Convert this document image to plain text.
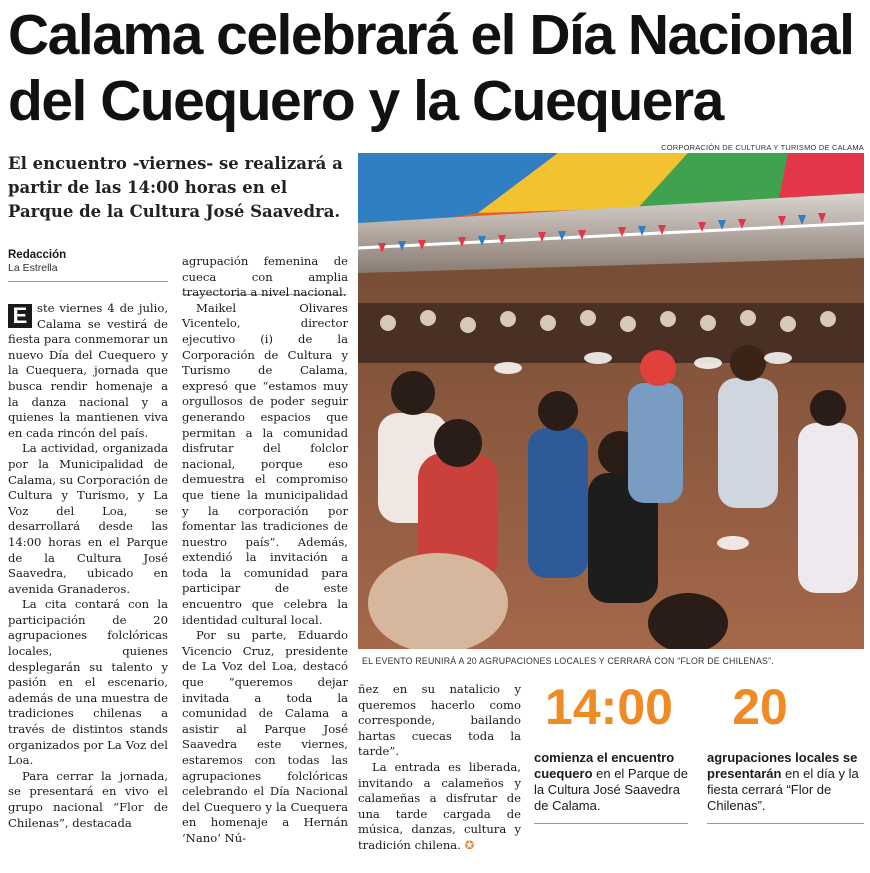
Calama celebrará el Día Nacional
del Cuequero y la Cuequera
CORPORACIÓN DE CULTURA Y TURISMO DE CALAMA
El encuentro -viernes- se realizará a partir de las 14:00 horas en el Parque de la Cultura José Saavedra.
Redacción
La Estrella

E ste viernes 4 de julio, Calama se vestirá de fiesta para conmemorar un nuevo Día del Cuequero y la Cuequera, jornada que busca rendir homenaje a la danza nacional y a quienes la mantienen viva en cada rincón del país.

La actividad, organizada por la Municipalidad de Calama, su Corporación de Cultura y Turismo, y La Voz del Loa, se desarrollará desde las 14:00 horas en el Parque de la Cultura José Saavedra, ubicado en avenida Granaderos.

La cita contará con la participación de 20 agrupaciones folclóricas locales, quienes desplegarán su talento y pasión en el escenario, además de una muestra de tradiciones chilenas a través de distintos stands organizados por La Voz del Loa.

Para cerrar la jornada, se presentará en vivo el grupo nacional “Flor de Chilenas”, destacada

agrupación femenina de cueca con amplia trayectoria a nivel nacional.

Maikel Olivares Vicentelo, director ejecutivo (i) de la Corporación de Cultura y Turismo de Calama, expresó que “estamos muy orgullosos de poder seguir generando espacios que permitan a la comunidad disfrutar del folclor nacional, porque eso demuestra el compromiso que tiene la municipalidad y la corporación por fomentar las tradiciones de nuestro país”. Además, extendió la invitación a toda la comunidad para participar de este encuentro que celebra la identidad cultural local.

Por su parte, Eduardo Vicencio Cruz, presidente de La Voz del Loa, destacó que “queremos dejar invitada a toda la comunidad de Calama a asistir al Parque José Saavedra este viernes, estaremos con todas las agrupaciones folclóricas celebrando el Día Nacional del Cuequero y la Cuequera en homenaje a Hernán ‘Nano’ Nú-

EL EVENTO REUNIRÁ A 20 AGRUPACIONES LOCALES Y CERRARÁ CON “FLOR DE CHILENAS”.

ñez en su natalicio y queremos hacerlo como corresponde, bailando hartas cuecas toda la tarde”.

La entrada es liberada, invitando a calameños y calameñas a disfrutar de una tarde cargada de música, danzas, cultura y tradición chilena. ✪

14:00
comienza el encuentro cuequero en el Parque de la Cultura José Saavedra de Calama.
20
agrupaciones locales se presentarán en el día y la fiesta cerrará “Flor de Chilenas”.
